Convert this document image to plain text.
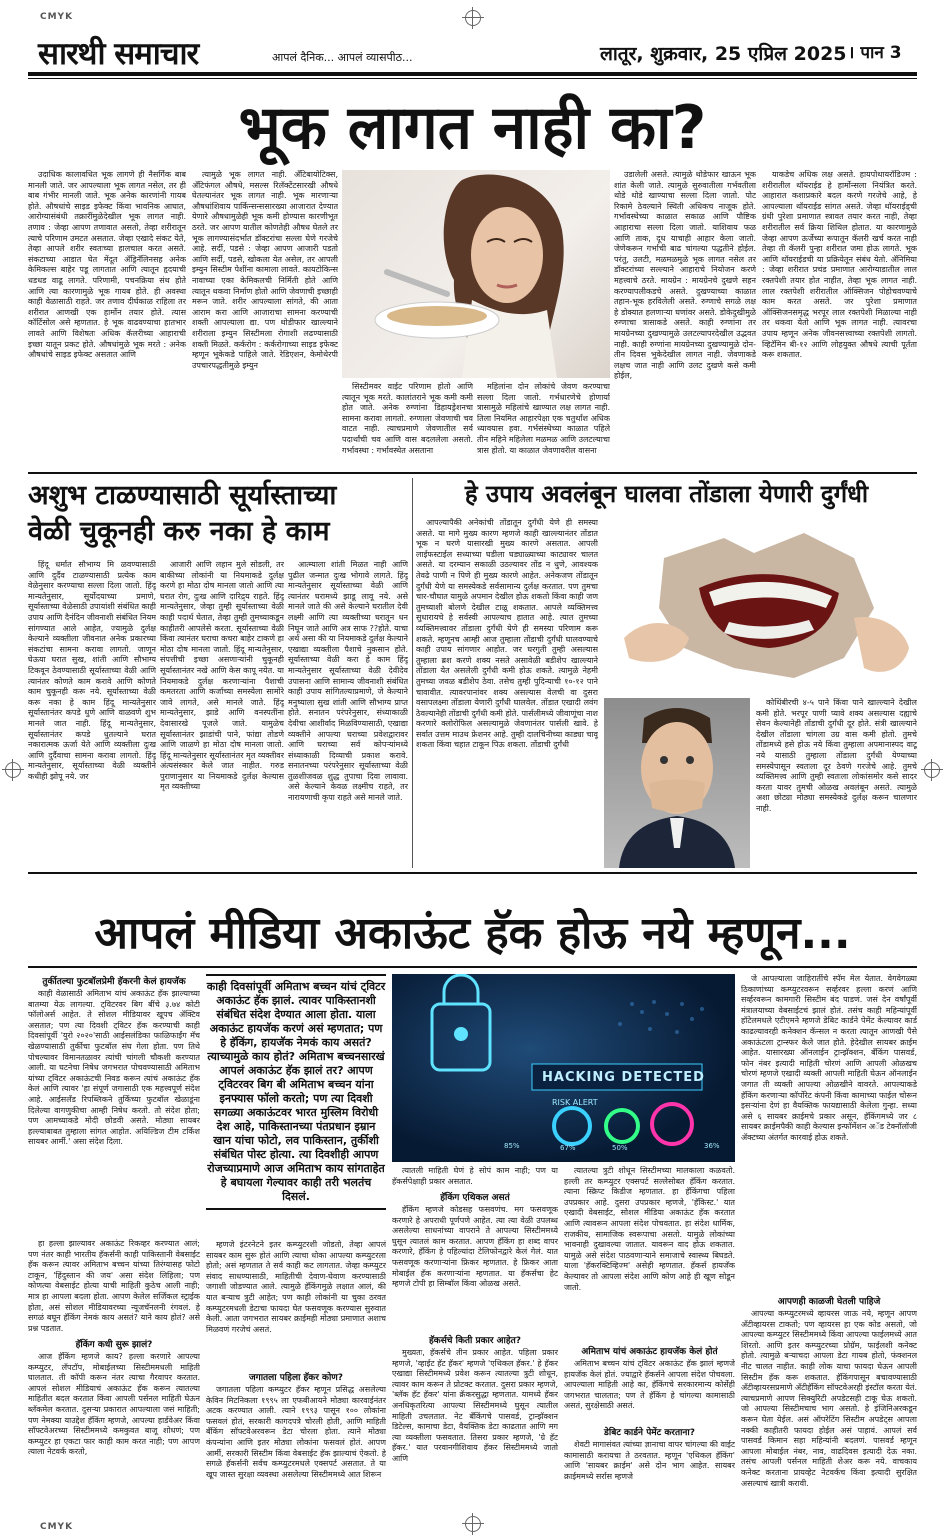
CMYK
CMYK
सारथी समाचार	आपलं दैनिक... आपलं व्यासपीठ...	लातूर, शुक्रवार, 25 एप्रिल 2025 । पान 3
भूक लागत नाही का?

उदाधिक कालावधित भूक लागणे ही नैसर्गिक बाब मानली जाते. जर आपल्याला भूक लागत नसेल, तर ही बाब गंभीर मानली जाते. भूक अनेक कारणांनी गायब होते. औषधांचे साइड इफेक्ट किंवा भावनिक आघात, आरोग्यासंबंधी तक्रारींमुळेदेखील भूक लागत नाही. तणाव : जेव्हा आपण तणावात असतो, तेव्हा शरीरातून त्याचे परिणाम उमटत असतात. जेव्हा एखादे संकट येते, तेव्हा आपले शरीर स्वतःच्या हालचाल करत असते. संकटाच्या आडात घेत मेंदूत ॲड्रिनॅलिनसह अनेक केमिकल्स बाहेर पडू लागतात आणि त्यातून हृदयाची धडधड वाढू लागते. परिणामी, पचनक्रिया संथ होते आणि त्या कारणामुळे भूक गायब होते. ही अवस्था काही वेळासाठी राहते. जर तणाव दीर्घकाळ राहिला तर शरीरात आणखी एक हार्मोन तयार होते. त्यास कॉर्टिसोल असे म्हणतात. हे भूक वाढवण्याचा हातभार लावते आणि विशेषतः अधिक कॅलरीच्या आहाराची इच्छा यातून प्रकट होते. औषधांमुळे भूक मरते : अनेक औषधांचे साइड इफेक्ट असतात आणि

त्यामुळे भूक लागत नाही. ॲंटिबायोटिक्स, ॲंटिफंगल औषधे, मसल्स रिलॅक्टेंटसारखी औषधे घेतल्यानंतर भूक लागत नाही. भूक मारणाऱ्या औषधांशिवाय पार्किन्सन्ससारख्या आजारात देण्यात येणारे औषधामुळेही भूक कमी होण्यास कारणीभूत ठरते. जर आपण यातील कोणतेही औषध घेतले तर भूक लागण्यासंदर्भात डॉक्टरांचा सल्ला घेणे गरजेचे आहे. सर्दी, पडसे : जेव्हा आपण आजारी पडतो आणि सर्दी, पडसे, खोकला येत असेल, तर आपली इम्युन सिस्टीम पेशींना कामाला लावते. कायटोकिन्स नावाच्या एका केमिकलची निर्मिती होते आणि त्यातून थकवा निर्माण होतो आणि जेवणाची इच्छाही मरून जाते. शरीर आपल्याला सांगते, की आता आराम करा आणि आजाराचा सामना करण्याची शक्ती आपल्याला द्या. पण थोडीफार खाल्ल्याने शरीराला इम्युन सिस्टीमला रोगाशी लढण्यासाठी शक्ती मिळते. कर्करोग : कर्करोगाच्या साइड इफेक्ट म्हणून भूकेकडे पाहिले जाते. रेडिएशन, केमोथेरपी उपचारपद्धतीमुळे इम्युन

सिस्टीमवर वाईट परिणाम होतो आणि त्यातून भूक मरते. कालांतराने भूक कमी कमी होत जाते. अनेक रुग्णांना डिहायड्रेशनचा सामना करावा लागतो. रुग्णाला जेवणाची चव वाटत नाही. त्याचप्रमाणे जेवणातील सर्व पदार्थांची चव आणि वास बदललेला असतो. गर्भावस्था : गर्भावस्थेत असताना

महिलांना दोन लोकांचे जेवण करण्याचा सल्ला दिला जातो. गर्भधारणेचे होणार्या त्रासामुळे महिलांचे खाण्यात लक्ष लागत नाही. तिला नियमित आहारपेक्षा एक चतुर्थांश अधिक ध्यावयास हवा. गर्भसंस्थेच्या काळात पहिले तीन महिने महिलेला मळमळ आणि उलटल्याचा त्रास होतो. या काळात जेवणावरील वासना

उडालेली असते. त्यामुळे थोडेफार खाऊन भूक शांत केली जाते. त्यामुळे सुरुवातीला गर्भवतीला थोडे थोडे खाण्याचा सल्ला दिला जातो. पोट रिकामे ठेवल्याने स्थिती अधिकच नाजूक होते. गर्भावस्थेच्या काळात सकाळ आणि पौष्टिक आहाराचा सल्ला दिला जातो. याशिवाय फळ आणि ताक, दूध याचाही आहार केला जातो. जेणेकरून गर्भाची बाढ चांगल्या पद्धतीने होईल. परंतु, उलटी, मळमळमुळे भूक लागत नसेल तर डॉक्टरांच्या सल्ल्याने आहाराचे नियोजन करणे महत्त्वाचे ठरते. मायग्रेन : मायग्रेनचे दुखणे सहन करण्यापलीकडचे असते. दुखण्याच्या काळात तहान-भूक हरविलेली असते. रुग्णाचे सगळे लक्ष हे डोक्यात हलणाऱ्या घणांवर असते. डोकेदुखीमुळे रुग्णाचा त्रासाकडे असते. काही रुग्णांना तर मायग्रेनच्या दुखण्यामुळे उलटल्यापरदेखील उद्भवत नाही. काही रुग्णांना मायग्रेनच्या दुखण्यामुळे दोन-तीन दिवस भुकेदेखील लागत नाही. जेवणाकडे लक्षच जात नाही आणि उलट दुखणे कसे कमी होईल,

याकडेच अधिक लक्ष असते. हायपोथायरॉडिज्म : शरीरातील थॉयराईड हे हार्मोन्सला नियंत्रित करते. आहारात कशाप्रकारे बदल करणे गरजेचे आहे, हे आपल्याला थॉयराईड सांगत असते. जेव्हा थॉयराईड्ची ग्रंथी पुरेशा प्रमाणात स्त्रावत तयार करत नाही, तेव्हा शरीरातील सर्व क्रिया शिथिल होतात. या कारणामुळे जेव्हा आपण ऊर्जेच्या रूपातून कॅलरी खर्च करत नाही तेव्हा ती कॅलरी पुन्हा शरीरात जमा होऊ लागते. भूक आणि थॉयराईडची या प्रक्रियेतून संबंध येतो. ॲनिमिया : जेव्हा शरीरात प्रचंड प्रमाणात आरोग्याडातील लाल रक्तपेशी तयार होत नाहीत, तेव्हा भूक लागत नाही. लाल रक्तपेशी शरीरातील ऑक्सिजन पोहोचवण्याचे काम करत असते. जर पुरेशा प्रमाणात ऑक्सिजनसमृद्ध भरपूर लाल रक्तपेशी मिळाल्या नाही तर थकवा येतो आणि भूक लागत नाही. त्यावरचा उपाय म्हणून अनेक जीवनसत्त्वाच्या रक्तपेशी लागतो. व्हिटॅमिन बी-१२ आणि लोहयुक्त औषधे त्याची पूर्तता करू शकतात.

अशुभ टाळण्यासाठी सूर्यास्ताच्या
वेळी चुकूनही करु नका हे काम

हिंदू धर्मात सौभाग्य मि ळवण्यासाठी आणि दुर्दैव टाळण्यासाठी प्रत्येक काम वेळेनुसार करण्याचा सल्ला दिला जातो. हिंदू मान्यतेनुसार, सूर्योदयाच्या प्रमाणे, सूर्यास्ताच्या वेळेसाठी उपायांशी संबंधित काही उपाय आणि दैनंदिन जीवनाशी संबंधित नियम सांगण्यात आले आहेत, ज्यामुळे दुर्लक्ष केल्याने व्यक्तीला जीवनात अनेक प्रकारच्या संकटांचा सामना करावा लागतो. जाणून घेऊया घरात सुख, शांती आणि सौभाग्य टिकवून ठेवण्यासाठी सूर्यास्ताच्या वेळी आणि त्यानंतर कोणते काम करावे आणि कोणते काम चुकूनही करू नये. सूर्यास्ताच्या वेळी करू नका हे काम हिंदू मान्यतेनुसार सूर्यास्तानंतर कपडे धुणे आणि वाळवणे शुभ मानले जात नाही. हिंदू मान्यतेनुसार, सूर्यास्तानंतर कपडे धुतल्याने घरात नकारात्मक ऊर्जा येते आणि व्यक्तीला दुःख आणि दुर्दैवाचा सामना करावा लागतो. हिंदू मान्यतेनुसार, सूर्यास्ताच्या वेळी व्यक्तीने कधीही झोपू नये. जर

आजारी आणि लहान मुले सोडली, तर बाकीच्या लोकांनी या नियमाकडे दुर्लक्ष करणे हा मोठा दोष मानला जातो आणि त्या घरात रोग, दुःख आणि दारिद्र्य राहते. हिंदू मान्यतेनुसार, जेव्हा तुम्ही सूर्यास्ताच्या वेळी काही पदार्थ घेतात, तेव्हा तुम्ही तुमच्याकडून काहीतरी आपलेसे करता. सूर्यास्ताच्या वेळी किंवा त्यानंतर घराचा कचरा बाहेर टाकणे हा मोठा दोष मानला जातो. हिंदू मान्यतेनुसार, संपत्तीची इच्छा असणाऱ्यांनी चुकूनही सूर्यास्तानंतर नखे आणि केस कापू नयेत. या नियमाकडे दुर्लक्ष करणाऱ्यांना पैशाची कमतरता आणि कर्जाच्या समस्येला सामोरे जावे लागते, असे मानले जाते. हिंदू मान्यतेनुसार, झाडे आणि वनस्पतींना देवासारखे पूजले जाते. यामुळेच सूर्यास्तानंतर झाडांची पाने, फांद्या तोडणे आणि जाळणे हा मोठा दोष मानला जातो. हिंदू मान्यतेनुसार सूर्यास्तानंतर मृत व्यक्तीवर अंत्यसंस्कार केले जात नाहीत. गरुड पुराणानुसार या नियमाकडे दुर्लक्ष केल्यास मृत व्यक्तीच्या

आत्म्याला शांती मिळत नाही आणि पुढील जन्मात दुःख भोगावे लागते. हिंदू मान्यतेनुसार सूर्यास्ताच्या वेळी आणि त्यानंतर घरामध्ये झाडू लावू नये. असे मानले जाते की असे केल्याने घरातील देवी लक्ष्मी आणि त्या व्यक्तीच्या घरातून धन निघून जाते आणि अत्र साफ ??होते. याचा अर्थ असा की या नियमाकडे दुर्लक्ष केल्याने एखाद्या व्यक्तीला पैशाचे नुकसान होते. सूर्यास्ताच्या वेळी करा हे काम हिंदू मान्यतेनुसार सूर्यास्ताच्या वेळी देवीदेव उपासना आणि सामान्य जीवनाशी संबंधित काही उपाय सांगितल्याप्रमाणे, जे केल्याने मनुष्याला सुख शांती आणि सौभाग्य प्राप्त होते. सनातन परंपरेनुसार, संध्याकाळी देवीचा आशीर्वाद मिळविण्यासाठी, एखाद्या व्यक्तीने आपल्या घराच्या प्रवेशद्वारावर आणि घराच्या सर्व कोपऱ्यांमध्ये संध्याकाळी दिव्याची प्रकाश करावे. सनातनच्या परंपरेनुसार सूर्यास्ताच्या वेळी तुळशीजवळ शुद्ध तुपाचा दिवा लावावा. असे केल्याने केवळ लक्ष्मीच राहते, तर नारायणाची कृपा राहते असे मानले जाते.

हे उपाय अवलंबून घालवा तोंडाला येणारी दुर्गंधी

आपल्यापैकी अनेकांची तोंडातून दुर्गंधी येणे ही समस्या असते. या मागे मुख्य कारण म्हणजे काही खाल्ल्यानंतर तोंडात भूक न घरणे यासारखी मुख्य कारणे असतात. आपली लाईफस्टाईल सध्याच्या घडीला घड्याळ्याच्या काट्यावर चालत असते. या दरम्यान सकाळी उठल्यावर तोंड न धुणे, आवश्यक तेवढे पाणी न पिणे ही मुख्य कारणे आहेत. अनेकजण तोंडातून दुर्गंधी येणे या समस्येकडे सर्वसामान्य दुर्लक्ष करतात. पण तुमचा चार-चौघात यामुळे अपमान देखील होऊ शकतो किंवा काही जण तुमच्याशी बोलणे देखील टाळू शकतात. आपले व्यक्तिमत्त्व सुधारायचे हे सर्वस्वी आपल्याच हातात आहे. त्यात तुमच्या व्यक्तिमत्त्वावर तोंडाला दुर्गंधी येणे ही समस्या परिणाम करू शकते. म्हणूनच आम्ही आज तुम्हाला तोंडाची दुर्गंधी घालवण्याचे काही उपाय सांगणार आहोत. जर घरगुती तुम्ही असल्यास तुम्हाला ब्रश करणे शक्य नसते असावेळी बडीशेप खाल्ल्याने तोंडाला येत असलेली दुर्गंधी कमी होऊ शकते. त्यामुळे नेहमी तुमच्या जवळ बडीशेप ठेवा. तसेच तुम्ही पुदिन्याची १०-१२ पाने चावावीत. त्यावरपानांवर शक्य असल्यास वेलची वा दुसरा वसापलक्ष्मा तोंडाला येणारी दुर्गंधी घालवेल. तोंडात एखादी लवंग ठेवल्यानेही तोंडाची दुर्गंधी कमी होते. पार्सलीमध्ये जीवाणूंचा नाश करणारे क्लोरोफिल असल्यामुळे जेवणानंतर पार्सली खावे. हे सर्वात उत्तम माउथ फ्रेशनर आहे. तुम्ही दालचिनीच्या काड्या चावू शकता किंवा चहात टाकून पिऊ शकता. तोंडाची दुर्गंधी

कोथिंबीरची ४-५ पाने किंवा पाने खाल्ल्याने देखील कमी होते. भरपूर पाणी प्यावे शक्य असल्यास दह्याचे सेवन केल्यानेही तोंडाची दुर्गंधी दूर होते. संत्री खाल्ल्याने देखील तोंडाला चांगला उग्र वास कमी होतो. तुमचे तोंडामध्ये हसे होऊ नये किंवा तुम्हाला अपमानास्पद वाटू नये यासाठी तुम्हाला तोंडाला दुर्गंधी येण्याच्या समस्येपासून स्वतःला दूर ठेवणे गरजेचे आहे. तुमचे व्यक्तिमत्त्व आणि तुम्ही स्वतःला लोकांसमोर कसे सादर करता यावर तुमची ओळख अवलंबून असते. त्यामुळे अशा छोट्या मोठ्या समस्येकडे दुर्लक्ष करून चालणार नाही.

आपलं मीडिया अकाऊंट हॅक होऊ नये म्हणून...
तुर्कीतल्या फुटबॉलप्रेमी हॅकरनी केलं हायजॅक

काही वेळासाठी अमिताभ यांचं अकाऊंट हॅक झाल्याच्या बातम्या येऊ लागल्या. ट्विटरवर बिग बींचे ३.७४ कोटी फॉलोअर्स आहेत. ते सोशल मीडियावर खूपच ॲक्टिव असतात; पण त्या दिवशी ट्विटर हॅक करण्याची काही दिवसांपूर्वी 'युरो २०२०'साठी आईसलंडिका फाळिफाईंग मॅच खेळण्यासाठी तुर्कीचा फुटबॉल संघ गेला होता. पण तिथे पोचल्यावर विमानतळावर त्यांची चांगली चौकशी करण्यात आली. या घटनेचा निषेध जगभरात पोचवण्यासाठी अमिताभ यांच्या ट्विटर अकाऊंटची निवड करून त्यांचं अकाऊंट हॅक केलं आणि त्यावर 'हा संपूर्ण जगासाठी एक महत्त्वपूर्ण संदेश आहे. आईसलँड रिपब्लिकने तुर्किच्या फुटबॉल खेळाडूंना दिलेल्या वागणुकीचा आम्ही निषेध करतो. तो संदेश होता; पण आमच्याकडे मोदी छोडवी असते. मोठ्या सायबर हल्ल्याबाबत तुम्हाला सांगत आहोत. अयिल्डिज टीम टर्किश सायबर आर्मी.' असा संदेश दिला.

हा हल्ला झाल्यावर अकाऊंट रिकव्हर करण्यात आलं; पण नंतर काही भारतीय हॅकर्सनी काही पाकिस्तानी वेबसाईट हॅक करून त्यावर अमिताभ बच्चन यांच्या तिरंग्यासह फोटो टाकून, 'हिंदुस्तान की जय' असा संदेश लिहिला; पण कोणत्या वेबसाईट होत्या याची माहिती कुठेच आली नाही; मात्र हा आपला बदला होता. आपण केलेल सर्जिकल स्ट्राईक होता, असं सोशल मीडियावरच्या न्यूजचॅनलनी रंगवलं. हे सगळं बघून हॅकिंग नेमकं काय असतं? याने काय होतं? असे प्रश्न पडतात.

हॅकिंग कधी सुरू झालं?

आज हॅकिंग म्हणजे काय? हल्ला करणारे आपल्या कम्प्युटर, लॅपटॉप, मोबाईलच्या सिस्टीममधली माहिती घालतात. ती कॉपी करून नंतर त्याचा गैरवापर करतात. आपलं सोशल मीडियाचं अकाऊंट हॅक करून त्यातल्या माहितीत बदल करतात किंवा आपली पर्सनल माहिती घेऊन ब्लॅकमेल करतात. दुसऱ्या प्रकारात आपल्याला जसं माहिती; पण नेमक्या याउद्देश हॅकिंग म्हणजे, आपल्या हार्डवेअर किंवा सॉफ्टवेअरच्या सिस्टीममध्ये कमकुवत बाजू शोधणं; पण कम्प्युटर हा एकटा फार काही काम करत नाही; पण आपण त्याला नेटवर्क करतो,

काही दिवसांपूर्वी अमिताभ बच्चन यांचं ट्विटर अकाऊंट हॅक झालं. त्यावर पाकिस्तानशी संबंधित संदेश देण्यात आला होता. याला अकाऊंट हायजॅक करणं असं म्हणतात; पण हे हॅकिंग, हायजॅक नेमकं काय असतं? त्याच्यामुळे काय होतं? अमिताभ बच्चनसारखं आपलं अकाऊंट हॅक झालं तर? आपण ट्विटरवर बिग बी अमिताभ बच्चन यांना इनफ्यास फॉलो करतो; पण त्या दिवशी सगळ्या अकाऊंटवर भारत मुस्लिम विरोधी देश आहे, पाकिस्तानच्या पंतप्रधान इम्रान खान यांचा फोटो, लव पाकिस्तान, तुर्कीशी संबंधित पोस्ट होत्या. त्या दिवशीही आपण रोजच्याप्रमाणे आज अमिताभ काय सांगताहेत हे बघायला गेल्यावर काही तरी भलतंच दिसलं.

म्हणजे इंटरनेटने इतर कम्प्युटरशी जोडतो, तेव्हा आपलं सायबर काम सुरू होतं आणि त्याचा धोका आपल्या कम्प्युटरला होतो; असं म्हणतात ते सर्व काही कट लागतात. जेव्हा कम्प्युटर संवाद साधण्यासाठी, माहितीची देवाण-घेवाण करण्यासाठी जगाशी जोडण्यात आले. त्यामुळे हॅकिंगमुळे लक्षात आलं, की यात बऱ्याच त्रुटी आहेत; पण काही लोकांनी या चुका ठरवत कम्प्युटरमधली डेटाचा फायदा घेत फसवणूक करण्यास सुरुवात केली. आता जगभरात सायबर क्राईमही मोठ्या प्रमाणात अशाच मिळवणं गरजेचं असतं.

जगातला पहिला हॅकर कोण?

जगातला पहिला कम्प्युटर हॅकर म्हणून प्रसिद्ध असलेल्या केविन मिटनिकला १९९५ ला एफबीआयने मोठ्या कारवाईनंतर अटक करण्यात आली. त्याने १९९३ पासून १०० लोकांना फसवलं होतं, सरकारी कागदपत्रे चोरली होती, आणि माहिती बँकिंग सॉफ्टवेअरवरून डेटा चोरला होता. त्याने मोठ्या कंपन्यांना आणि इतर मोठ्या लोकांना फसवलं होतं. आपण आर्मी, सरकारी सिस्टीम किंवा वेबसाईट हॅक झाल्याचं ऐकतो. हे सगळे हॅकर्सनी सर्वच कम्प्युटरमधले एक्सपर्ट असतात. ते या खूप जास्त सुरक्षा व्यवस्था असलेल्या सिस्टीममध्ये आत शिरून

HACKING DETECTED
RISK ALERT
85%	67%	50%	36%

त्यातली माहिती घेणं हे सोपं काम नाही; पण या हॅकर्सपेक्षाही प्रकार असतात.

हॅकिंग एथिकल असतं

हॅकिंग म्हणजे कोडसह फसवणंच. मग फसवणूक करणारे हे अपराधी पूर्णपणे आहेत. त्या त्या वेळी उपलब्ध असलेल्या साधनांच्या वापराने ते आपल्या सिस्टीममध्ये घुसून त्यातलं काम करतात. आपण हॅकिंग हा शब्द वापर करणारे, हॅकिंग हे पहिल्यांदा टेलिफोनद्वारे केलं गेलं. यात फसवणूक करणाऱ्यांना फ्रिकर म्हणतात. हे फ्रिकर आता मोबाईल हॅक करणाऱ्यांना म्हणतात. या हॅकर्सचा हेट म्हणजे टोपी हा सिम्बॉल किंवा ओळख असते.

हॅकर्सचे किती प्रकार आहेत?

मुख्यतः, हॅकर्सचे तीन प्रकार आहेत. पहिला प्रकार म्हणजे, 'व्हाईट हॅट हॅकर' म्हणजे 'एथिकल हॅकर.' हे हॅकर एखाद्या सिस्टीममध्ये प्रवेश करून त्यातल्या त्रुटी शोधून, त्यावर काम करून ते प्रोटक्ट करतात. दुसरा प्रकार म्हणजे, 'ब्लॅक हॅट हॅकर' यांना क्रॅकरसुद्धा म्हणतात. यामध्ये हॅकर अनधिकृतरित्या आपल्या सिस्टीममध्ये घुसून त्यातील माहिती उचलतात. नेट बॅंकिंगचे पासवर्ड, ट्रान्झॅक्शन डिटेल्स, कामाचा डेटा, वैयक्तिक डेटा काढतात आणि मग त्या व्यक्तीला फसवतात. तिसरा प्रकार म्हणजे, 'ग्रे हॅट हॅकर.' यात परवानगीशिवाय हॅकर सिस्टीममध्ये जातो आणि

त्यातल्या त्रुटी शोधून सिस्टीमच्या मालकाला कळवतो. हल्ली तर कम्प्युटर एक्सपर्ट सल्लेसोबत हॅकिंग करतात. त्याना स्क्रिप्ट किडीज म्हणतात. हा हॅकिंगचा पहिला उपप्रकार आहे. दुसरा उपप्रकार म्हणजे, 'हॅकिस्ट.' यात एखादी वेबसाईट, सोशल मीडिया अकाऊंट हॅक करतात आणि त्यावरून आपला संदेश पोचवतात. हा संदेश धार्मिक, राजकीय, सामाजिक स्वरूपाचा असतो. यामुळे लोकांच्या भावनाही दुखावल्या जातात. यावरून वाद होऊ शकतात. यामुळे असे संदेश पाठवणाऱ्याने समाजाचे स्वास्थ्य बिघडते. याला 'हॅकरक्टिव्हिज्म' असेही म्हणतात. हॅकर्स हायजॅक केल्यावर तो आपला संदेश आणि कोण आहे ही खूण सोडून जातो.

अमिताभ यांचं अकाऊंट हायजॅक केलं होतं

अमिताभ बच्चन यांचं ट्विटर अकाऊंट हॅक झालं म्हणजे हायजॅक केलं होतं. ज्याद्वारे हॅकर्सने आपला संदेश पोचवला. आपल्याला माहिती आहे का, हॅकिंगचे सरकारमान्य कोर्सेही जगभरात चालतात; पण ते हॅकिंग हे चांगल्या कामासाठी असतं, सुरक्षेसाठी असतं.

डेबिट कार्डने पेमेंट करताना?

शेवटी मागासंवत त्यांच्या ज्ञानाचा वापर चांगल्या की वाईट कामासाठी करायचा ते ठरवतात. म्हणून 'एथिकल हॅकिंग' आणि 'सायबर क्राईम' असे दोन भाग आहेत. सायबर क्राईममध्ये सर्रास म्हणजे

जे आपल्याला जाहिरातींचे स्पॅम मेल येतात. वेगवेगळ्या ठिकाणांच्या कम्प्युटरवरून सर्व्हरवर हल्ला करणं आणि सर्व्हरवरून कामगारी सिस्टीम बंद पाडणं. जसं देन वर्षांपूर्वी मंत्रालयाच्या वेबसाईटचं झालं होतं. तसंच काही महिन्यांपूर्वी हॉटेलमधले एटीएमने म्हणजे डेबिट कार्डने पेमेंट केल्यावर कार्ड काढल्यावरही कनेक्शन कॅन्सल न करता त्यातून आणखी पैसे अकाऊंटला ट्रान्स्फर केले जात होते. हेदेखील सायबर क्राईम आहेत. यासारख्या ऑनलाईन ट्रान्झॅक्शन, बँकिंग पासवर्ड, फोन नंबर इत्यादी माहिती चोरणं आणि आपली ओळखच चोरणं म्हणजे एखादी व्यक्ती आपली माहिती घेऊन ऑनलाईन जगात ती व्यक्ती आपल्या ओळखीने वावरते. आपल्याकडे हॅकिंग करणाऱ्या कॉर्पोरेट कंपनी किंवा कामाच्या फाईल चोरून इसऱ्यांना देणं हा वैयक्तिक फायद्यासाठी केलेला गुन्हा. सध्या असे ६ सायबर क्राईमचे प्रकार असून, हॅकिंगमध्ये जर ८ सायबर क्राईमपैकी काही केल्यास इन्फॉर्मेशन अॅड टेक्नॉलॉजी ॲक्टच्या अंतर्गत कारवाई होऊ शकते.

आपणही काळजी घेतली पाहिजे

आपल्या कम्प्युटरमध्ये व्हायरस जाऊ नये, म्हणून आपण ॲंटीव्हायरस टाकतो; पण व्हायरस हा एक कोड असतो, जो आपल्या कम्प्युटर सिस्टीममध्ये किंवा आपल्या फाईलमध्ये आत शिरतो. आणि इतर कम्प्युटरच्या प्रोग्रॅम, फाईलशी कनेक्ट होतो. त्यामुळे बऱ्याचदा आपला डेटा गायब होतो, फंक्शनल नीट चालत नाहीत. काही लोक याचा फायदा घेऊन आपली सिस्टीम हॅक करू शकतात. हॅकिंगपासून बचावण्यासाठी ॲंटीव्हायरसप्रमाणे ॲंटीहॅकिंग सॉफ्टवेअरही इंस्टॉल करता येतं. त्याचप्रमाणे आपण सिक्युरिटी अपडेटसही टाकू घेऊ शकतो. जो आपल्या सिस्टीमचाच भाग असतो. हे इंजिनिअरकडून करून घेता येईल. असं ऑपरेटिंग सिस्टीम अपडेट्स आपला नक्की काहीतरी फायदा होईल असं पाहावं. आपलं सर्व पासवर्ड किमान सहा महिन्यांनी बदलणं. पासवर्ड म्हणून आपला मोबाईल नंबर, नाव, वाढदिवस इत्यादी देऊ नका. तसंच आपली पर्सनल माहिती शेअर करू नये. वाचकाय कनेक्ट करताना प्रायव्हेट नेटवर्कच किंवा इत्यादी सुरक्षित असल्याचं खात्री करावी.
